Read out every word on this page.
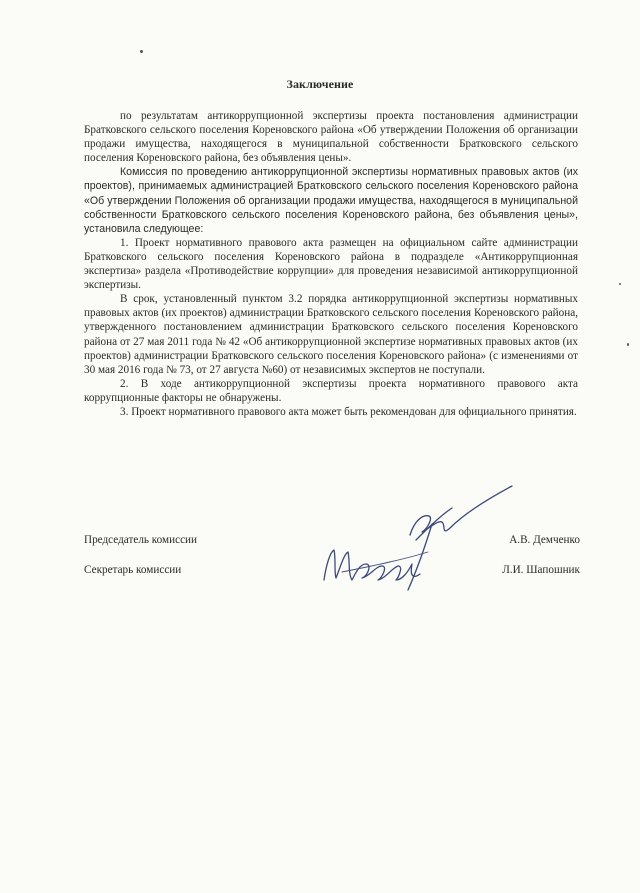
Заключение

по результатам антикоррупционной экспертизы проекта постановления администрации Братковского сельского поселения Кореновского района «Об утверждении Положения об организации продажи имущества, находящегося в муниципальной собственности Братковского сельского поселения Кореновского района, без объявления цены».

Комиссия по проведению антикоррупционной экспертизы нормативных правовых актов (их проектов), принимаемых администрацией Братковского сельского поселения Кореновского района «Об утверждении Положения об организации продажи имущества, находящегося в муниципальной собственности Братковского сельского поселения Кореновского района, без объявления цены», установила следующее:

1. Проект нормативного правового акта размещен на официальном сайте администрации Братковского сельского поселения Кореновского района в подразделе «Антикоррупционная экспертиза» раздела «Противодействие коррупции» для проведения независимой антикоррупционной экспертизы.

В срок, установленный пунктом 3.2 порядка антикоррупционной экспертизы нормативных правовых актов (их проектов) администрации Братковского сельского поселения Кореновского района, утвержденного постановлением администрации Братковского сельского поселения Кореновского района от 27 мая 2011 года № 42 «Об антикоррупционной экспертизе нормативных правовых актов (их проектов) администрации Братковского сельского поселения Кореновского района» (с изменениями от 30 мая 2016 года № 73, от 27 августа №60) от независимых экспертов не поступали.

2. В ходе антикоррупционной экспертизы проекта нормативного правового акта коррупционные факторы не обнаружены.

3. Проект нормативного правового акта может быть рекомендован для официального принятия.

Председатель комиссии	А.В. Демченко
Секретарь комиссии	Л.И. Шапошник
